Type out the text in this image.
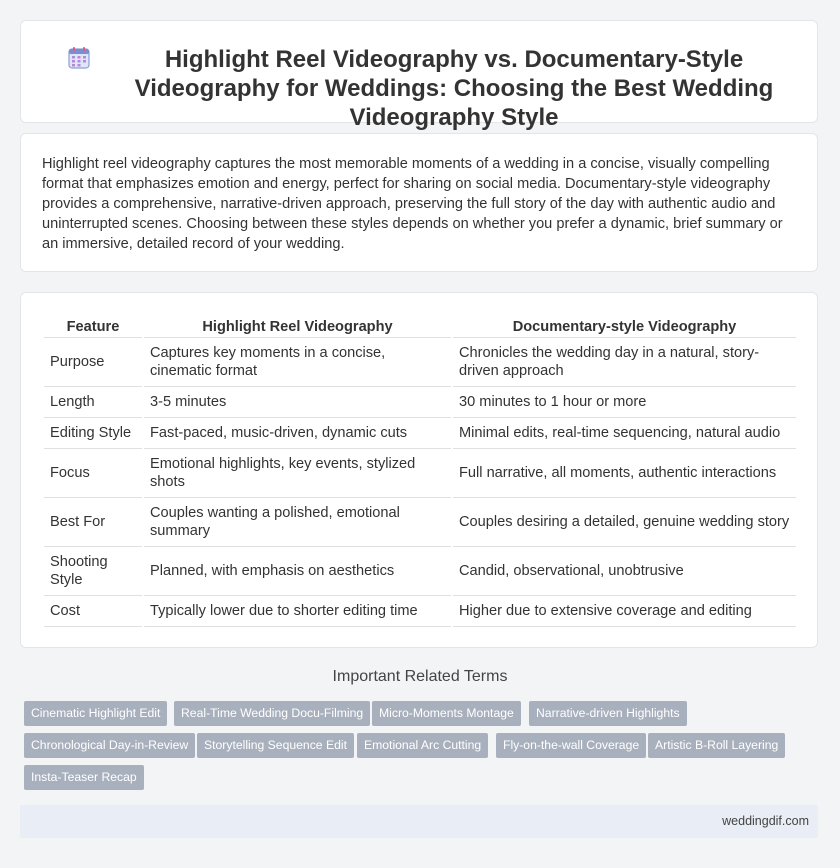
Highlight Reel Videography vs. Documentary-Style Videography for Weddings: Choosing the Best Wedding Videography Style

Highlight reel videography captures the most memorable moments of a wedding in a concise, visually compelling format that emphasizes emotion and energy, perfect for sharing on social media. Documentary-style videography provides a comprehensive, narrative-driven approach, preserving the full story of the day with authentic audio and uninterrupted scenes. Choosing between these styles depends on whether you prefer a dynamic, brief summary or an immersive, detailed record of your wedding.

Feature	Highlight Reel Videography	Documentary-style Videography
Purpose	Captures key moments in a concise, cinematic format	Chronicles the wedding day in a natural, story-driven approach
Length	3-5 minutes	30 minutes to 1 hour or more
Editing Style	Fast-paced, music-driven, dynamic cuts	Minimal edits, real-time sequencing, natural audio
Focus	Emotional highlights, key events, stylized shots	Full narrative, all moments, authentic interactions
Best For	Couples wanting a polished, emotional summary	Couples desiring a detailed, genuine wedding story
Shooting Style	Planned, with emphasis on aesthetics	Candid, observational, unobtrusive
Cost	Typically lower due to shorter editing time	Higher due to extensive coverage and editing
Important Related Terms
Cinematic Highlight Edit	Real-Time Wedding Docu-Filming	Micro-Moments Montage	Narrative-driven Highlights
Chronological Day-in-Review	Storytelling Sequence Edit	Emotional Arc Cutting	Fly-on-the-wall Coverage	Artistic B-Roll Layering
Insta-Teaser Recap
weddingdif.com
